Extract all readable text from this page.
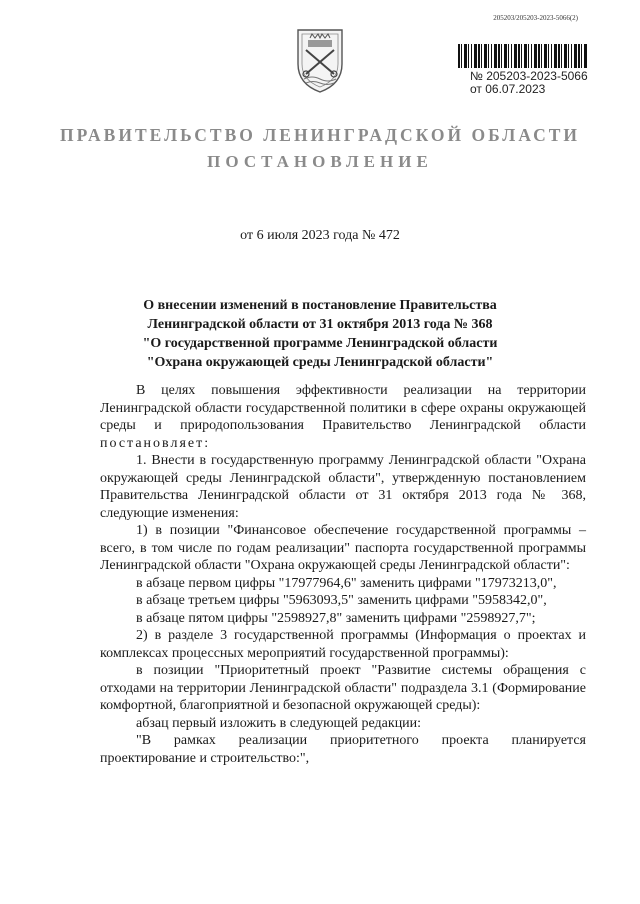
205203/205203-2023-5066(2)
№ 205203-2023-5066
от 06.07.2023
ПРАВИТЕЛЬСТВО ЛЕНИНГРАДСКОЙ ОБЛАСТИ
ПОСТАНОВЛЕНИЕ
от 6 июля 2023 года № 472
О внесении изменений в постановление Правительства
Ленинградской области от 31 октября 2013 года № 368
"О государственной программе Ленинградской области
"Охрана окружающей среды Ленинградской области"

В целях повышения эффективности реализации на территории Ленинградской области государственной политики в сфере охраны окружающей среды и природопользования Правительство Ленинградской области постановляет:

1. Внести в государственную программу Ленинградской области "Охрана окружающей среды Ленинградской области", утвержденную постановлением Правительства Ленинградской области от 31 октября 2013 года № 368, следующие изменения:

1) в позиции "Финансовое обеспечение государственной программы – всего, в том числе по годам реализации" паспорта государственной программы Ленинградской области "Охрана окружающей среды Ленинградской области":

в абзаце первом цифры "17977964,6" заменить цифрами "17973213,0",

в абзаце третьем цифры "5963093,5" заменить цифрами "5958342,0",

в абзаце пятом цифры "2598927,8" заменить цифрами "2598927,7";

2) в разделе 3 государственной программы (Информация о проектах и комплексах процессных мероприятий государственной программы):

в позиции "Приоритетный проект "Развитие системы обращения с отходами на территории Ленинградской области" подраздела 3.1 (Формирование комфортной, благоприятной и безопасной окружающей среды):

абзац первый изложить в следующей редакции:

"В рамках реализации приоритетного проекта планируется проектирование и строительство:",
